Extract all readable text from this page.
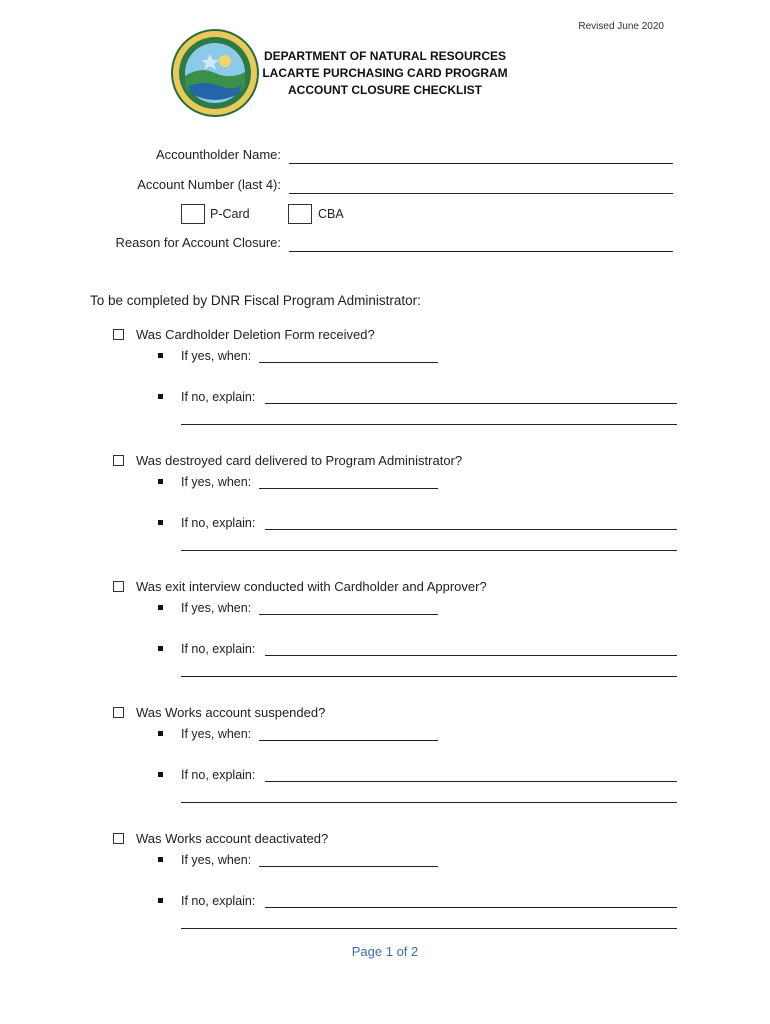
Revised June 2020
DEPARTMENT OF NATURAL RESOURCES
LACARTE PURCHASING CARD PROGRAM
ACCOUNT CLOSURE CHECKLIST
Accountholder Name:
Account Number (last 4):
P-Card	CBA
Reason for Account Closure:
To be completed by DNR Fiscal Program Administrator:
Was Cardholder Deletion Form received?
If yes, when:
If no, explain:
Was destroyed card delivered to Program Administrator?
If yes, when:
If no, explain:
Was exit interview conducted with Cardholder and Approver?
If yes, when:
If no, explain:
Was Works account suspended?
If yes, when:
If no, explain:
Was Works account deactivated?
If yes, when:
If no, explain:
Page 1 of 2
